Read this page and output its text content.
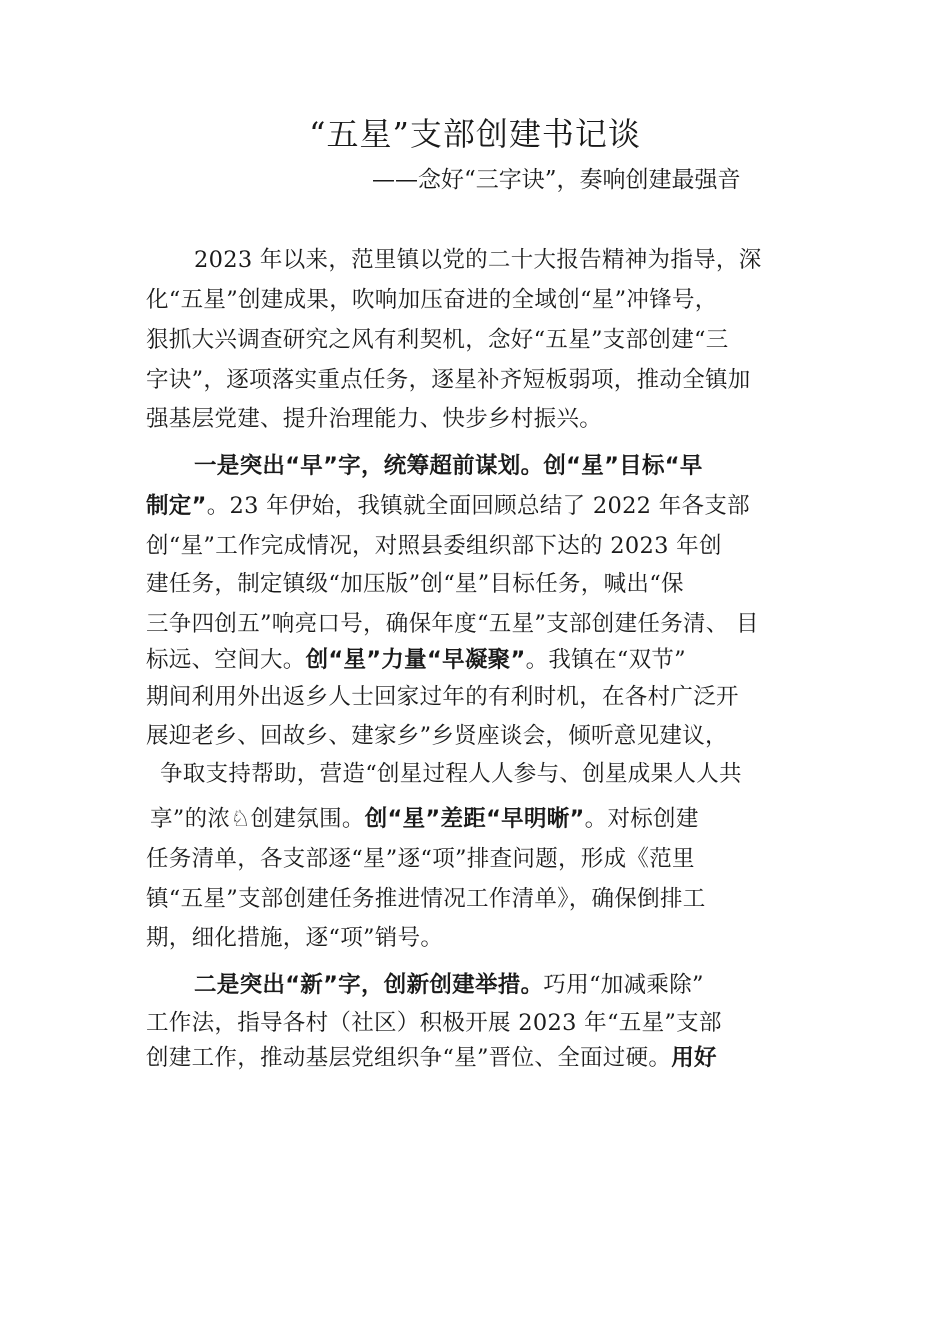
“五星”支部创建书记谈
——念好“三字诀”，奏响创建最强音
2023 年以来，范里镇以党的二十大报告精神为指导，深
化“五星”创建成果，吹响加压奋进的全域创“星”冲锋号，
狠抓大兴调查研究之风有利契机，念好“五星”支部创建“三
字诀”，逐项落实重点任务，逐星补齐短板弱项，推动全镇加
强基层党建、提升治理能力、快步乡村振兴。
一是突出“早”字，统筹超前谋划。创“星”目标“早
制定”。23 年伊始，我镇就全面回顾总结了 2022 年各支部
创“星”工作完成情况，对照县委组织部下达的 2023 年创
建任务，制定镇级“加压版”创“星”目标任务，喊出“保
三争四创五”响亮口号，确保年度“五星”支部创建任务清、 目
标远、空间大。创“星”力量“早凝聚”。我镇在“双节”
期间利用外出返乡人士回家过年的有利时机，在各村广泛开
展迎老乡、回故乡、建家乡”乡贤座谈会，倾听意见建议，
争取支持帮助，营造“创星过程人人参与、创星成果人人共
享”的浓♘创建氛围。创“星”差距“早明晰”。对标创建
任务清单，各支部逐“星”逐“项”排查问题，形成《范里
镇“五星”支部创建任务推进情况工作清单》，确保倒排工
期，细化措施，逐“项”销号。
二是突出“新”字，创新创建举措。巧用“加减乘除”
工作法，指导各村（社区）积极开展 2023 年“五星”支部
创建工作，推动基层党组织争“星”晋位、全面过硬。用好
